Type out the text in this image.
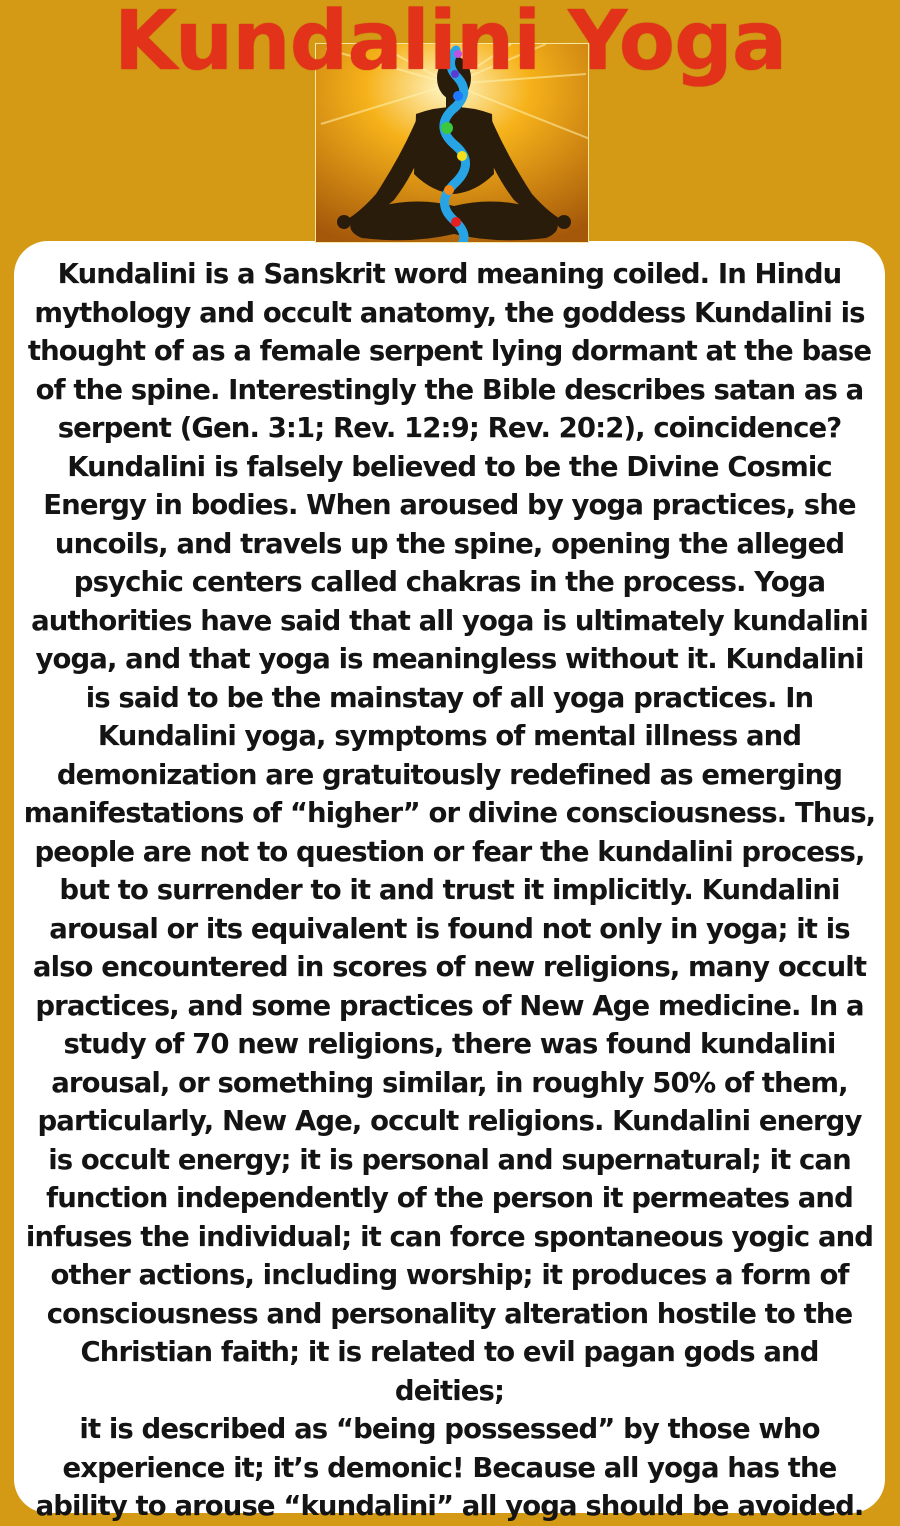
Kundalini Yoga

Kundalini is a Sanskrit word meaning coiled. In Hindu
mythology and occult anatomy, the goddess Kundalini is
thought of as a female serpent lying dormant at the base
of the spine. Interestingly the Bible describes satan as a
serpent (Gen. 3:1; Rev. 12:9; Rev. 20:2), coincidence?
Kundalini is falsely believed to be the Divine Cosmic
Energy in bodies. When aroused by yoga practices, she
uncoils, and travels up the spine, opening the alleged
psychic centers called chakras in the process. Yoga
authorities have said that all yoga is ultimately kundalini
yoga, and that yoga is meaningless without it. Kundalini
is said to be the mainstay of all yoga practices. In
Kundalini yoga, symptoms of mental illness and
demonization are gratuitously redefined as emerging
manifestations of “higher” or divine consciousness. Thus,
people are not to question or fear the kundalini process,
but to surrender to it and trust it implicitly. Kundalini
arousal or its equivalent is found not only in yoga; it is
also encountered in scores of new religions, many occult
practices, and some practices of New Age medicine. In a
study of 70 new religions, there was found kundalini
arousal, or something similar, in roughly 50% of them,
particularly, New Age, occult religions. Kundalini energy
is occult energy; it is personal and supernatural; it can
function independently of the person it permeates and
infuses the individual; it can force spontaneous yogic and
other actions, including worship; it produces a form of
consciousness and personality alteration hostile to the
Christian faith; it is related to evil pagan gods and deities;
it is described as “being possessed” by those who
experience it; it’s demonic! Because all yoga has the
ability to arouse “kundalini” all yoga should be avoided.
